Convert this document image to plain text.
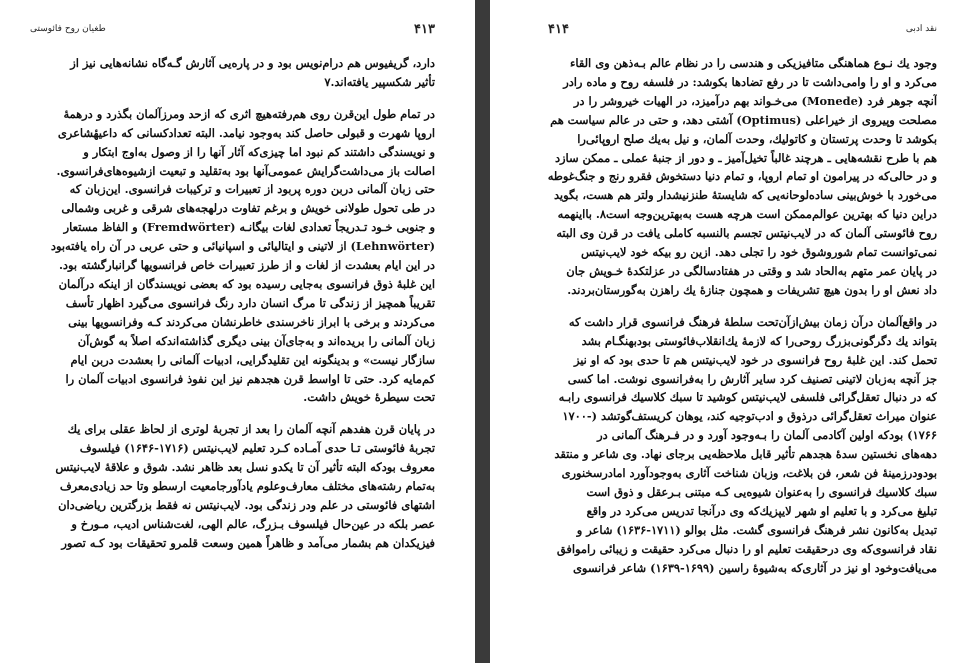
۴۱۳
طغیان روح فائوستی
دارد، گریفیوس هم درام‌نویس بود و در پاره‌یی آثارش گـه‌گاه نشانه‌هایی نیز از
تأثیر شکسپیر یافته‌اند.۷
در تمام طول این‌قرن روی هم‌رفته‌هیچ اثری که از‌حد ومرزآلمان بگذرد و درهمهٔ
اروپا شهرت و قبولی حاصل کند به‌وجود نیامد. البته تعدادکسانی که داعیهٔشاعری
و نویسندگی داشتند کم نبود اما چیزی‌که آثار آنها را از وصول به‌اوج ابتکار و
اصالت باز می‌داشت‌گرایش عمومی‌آنها بود به‌تقلید و تبعیت ازشیوه‌های‌فرانسوی.
حتی زبان آلمانی دربن دوره پربود از تعبیرات و ترکیبات فرانسوی. این‌زبان که
در طی تحول طولانی خویش و برغم تفاوت در‌لهجه‌های شرقی و غربی وشمالی
و جنوبی خـود تـدریجاً تعدادی لغات بیگانـه (Fremdwörter) و الفاظ مستعار
(Lehnwörter) از لاتینی و ایتالیائی و اسپانیائی و حتی عربی در آن راه یافته‌بود
در این ایام بعشدت از لغات و از طرز تعبیرات خاص فرانسویها گرانبارگشته بود.
این غلبهٔ ذوق فرانسوی به‌جایی رسیده بود که بعضی نویسندگان از اینکه در‌آلمان
تقریباً همچیز از زندگی تا مرگ انسان دارد رنگ فرانسوی می‌گیرد اظهار تأسف
می‌کردند و برخی با ابراز ناخرسندی خاطرنشان می‌کردند کـه وفرانسویها بینی
زبان آلمانی را بریده‌اند و به‌جای‌آن بینی دیگری گذاشته‌اندکه اصلاً به گوش‌آن
سازگار نیست» و بدینگونه این تقلیدگرایی، ادبیات آلمانی را بعشدت دربن ایام
کم‌مایه کرد. حتی تا اواسط قرن هجدهم نیز این نفوذ فرانسوی ادبیات آلمان را
تحت سیطرهٔ خویش داشت.
در پایان قرن هفدهم آنچه آلمان را بعد از تجربهٔ لوتری از لحاظ عقلی برای یك
تجربهٔ فائوستی تـا حدی آمـاده کـرد تعلیم لایب‌نیتس (۱۷۱۶-۱۶۴۶) فیلسوف
معروف بودکه البته تأثیر آن تا یکدو نسل بعد ظاهر نشد. شوق و علاقهٔ لایب‌نیتس
به‌تمام رشته‌های مختلف معارف‌وعلوم یادآورجامعیت ارسطو وتا حد زیادی‌معرف
اشتهای فائوستی در علم ودر زندگی بود. لایب‌نیتس نه فقط بزرگترین ریاضی‌دان
عصر بلکه در عین‌حال فیلسوف بـزرگ، عالم الهی، لغت‌شناس ادیب، مـورخ و
فیزیکدان هم بشمار می‌آمد و ظاهراً همین وسعت قلمرو تحقیقات بود کـه تصور
نقد ادبی
۴۱۴
وجود یك نـوع هماهنگی متافیزیکی و هندسی را در نظام عالم بـه‌ذهن وی القاء
می‌کرد و او را وامی‌داشت تا در رفع تضادها بکوشد: در فلسفه روح و ماده رادر
آنچه جوهر فرد (Monede) می‌خـواند بهم درآمیزد، در الهیات خیروشر را در
مصلحت وپیروی از خیراعلی (Optimus) آشتی دهد، و حتی در عالم سیاست هم
بکوشد تا وحدت پرتستان و کاتولیك، وحدت آلمان، و نیل به‌یك صلح اروپائی‌را
هم با طرح نقشه‌هایی ـ هرچند غالباً تخیل‌آمیز ـ و دور از جنبهٔ عملی ـ ممکن سازد
و در حالی‌که در پیرامون او تمام اروپا، و تمام دنیا دستخوش فقرو رنج و جنگ‌غوطه
می‌خورد با خوش‌بینی ساده‌لوحانه‌یی که شایستهٔ طنزنیشدار ولتر هم هست، بگوید
دراین دنیا که بهترین عوالم‌ممکن است هرچه هست به‌بهترین‌وجه است۸. بااینهمه
روح فائوستی آلمان که در لایب‌نیتس تجسم بالنسبه کاملی یافت در قرن وی البته
نمی‌توانست تمام شوروشوق خود را تجلی دهد. ازین رو بیکه خود لایب‌نیتس
در پایان عمر متهم به‌الحاد شد و وقتی در هفتادسالگی در عزلتکدهٔ خـویش جان
داد نعش او را بدون هیچ تشریفات و همچون جنازهٔ یك راهزن به‌گورستان‌بردند.
در واقع‌آلمان درآن زمان بیش‌ازآن‌تحت سلطهٔ فرهنگ فرانسوی قرار داشت که
بتواند یك دگرگونی‌بزرگ روحی‌را که لازمهٔ یك‌انقلاب‌فائوستی بود‌بهنگـام بشد
تحمل کند. این غلبهٔ روح فرانسوی در خود لایب‌نیتس هم تا حدی بود که او نیز
جز آنچه به‌زبان لاتینی تصنیف کرد سایر آثارش را به‌فرانسوی نوشت. اما کسی
که در دنبال تعقل‌گرائی فلسفی لایب‌نیتس کوشید تا سبك کلاسیك فرانسوی رابـه
عنوان میراث تعقل‌گرائی در‌ذوق و ادب‌توجیه کند، یوهان کریستف‌گوتشد (-۱۷۰۰
۱۷۶۶) بودکه اولین آکادمی آلمان را بـه‌وجود آورد و در فـرهنگ آلمانی در
دهه‌های نخستین سدهٔ هجدهم تأثیر قابل ملاحظه‌یی برجای نهاد. وی شاعر و منتقد
بودودرزمینهٔ فن شعر، فن بلاغت، وزبان شناخت آثاری به‌وجودآورد امادرسخنوری
سبك کلاسیك فرانسوی را به‌عنوان شیوه‌یی کـه مبتنی بـرعقل و ذوق است
تبلیغ می‌کرد و با تعلیم او شهر لایپزیك‌که وی در‌آنجا تدریس می‌کرد در واقع
تبدیل به‌کانون نشر فرهنگ فرانسوی گشت. مثل بو‌الو (۱۷۱۱-۱۶۳۶) شاعر و
نقاد فرانسوی‌که وی درحقیقت تعلیم او را دنبال می‌کرد حقیقت و زیبائی راموافق
می‌یافت‌وخود او نیز در آثاری‌که به‌شیوهٔ راسین (۱۶۹۹-۱۶۳۹) شاعر فرانسوی
